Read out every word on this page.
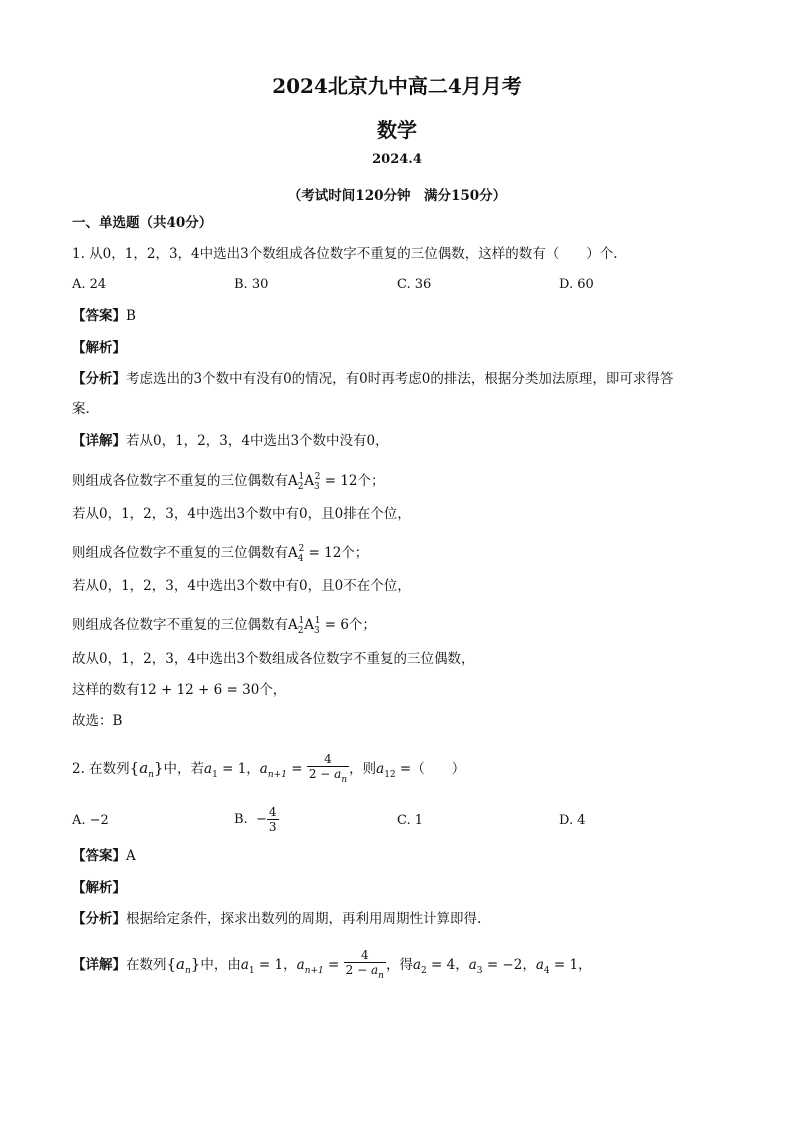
2024北京九中高二4月月考
数学
2024.4
（考试时间120分钟　满分150分）
一、单选题（共40分）
1. 从0，1，2，3，4中选出3个数组成各位数字不重复的三位偶数，这样的数有（　　）个.
A. 24	B. 30	C. 36	D. 60
【答案】B
【解析】
【分析】考虑选出的3个数中有没有0的情况，有0时再考虑0的排法，根据分类加法原理，即可求得答
案.
【详解】若从0，1，2，3，4中选出3个数中没有0，
则组成各位数字不重复的三位偶数有$A_2^1A_3^2 = 12$个；
若从0，1，2，3，4中选出3个数中有0，且0排在个位，
则组成各位数字不重复的三位偶数有$A_4^2 = 12$个；
若从0，1，2，3，4中选出3个数中有0，且0不在个位，
则组成各位数字不重复的三位偶数有$A_2^1A_3^1 = 6$个；
故从0，1，2，3，4中选出3个数组成各位数字不重复的三位偶数，
这样的数有12 + 12 + 6 = 30个，
故选：B
2. 在数列$\{a_n\}$中，若$a_1 = 1$，$a_{n+1} = \frac{4}{2 - a_n}$ ，则$a_{12}$ =（　　）
A. −2	B.  − $\frac{4}{3}$	C. 1	D. 4
【答案】A
【解析】
【分析】根据给定条件，探求出数列的周期，再利用周期性计算即得.
【详解】在数列$\{a_n\}$中，由$a_1 = 1$，$a_{n+1} = \frac{4}{2 - a_n}$ ，得$a_2 = 4$，$a_3 = -2$，$a_4 = 1$，
